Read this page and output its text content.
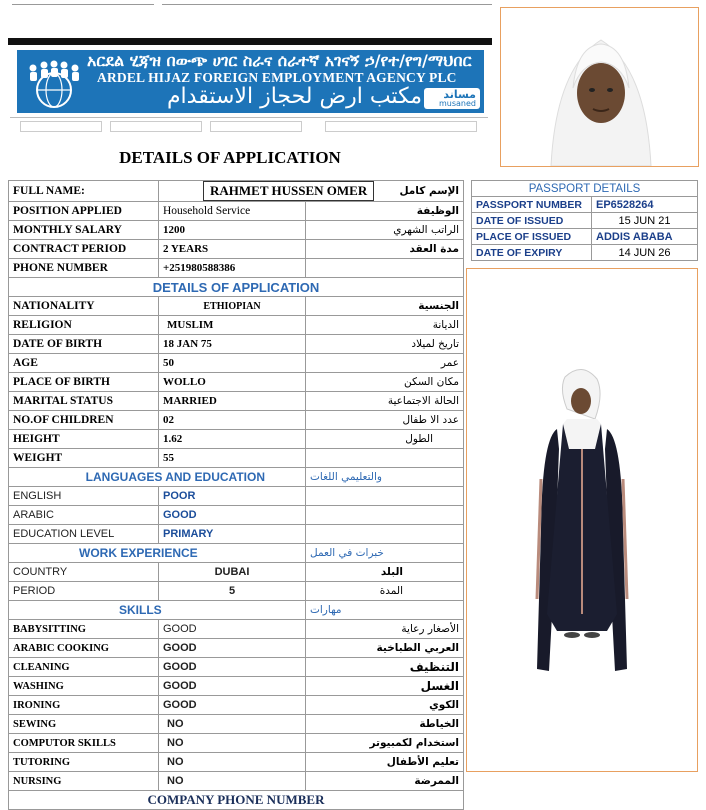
አርደል ሂጃዝ በውጭ ሀገር ስራና ሰራተኛ አገናኝ ኃ/የተ/የግ/ማህበር
ARDEL HIJAZ FOREIGN EMPLOYMENT AGENCY PLC
مكتب ارض لحجاز الاستقدام مساند
musaned
DETAILS OF APPLICATION
PASSPORT DETAILS	
PASSPORT NUMBER	EP6528264
DATE OF ISSUED	15 JUN 21
PLACE OF ISSUED	ADDIS ABABA
DATE OF EXPIRY	14 JUN 26
FULL NAME:	RAHMET HUSSEN OMER	الإسم كامل
POSITION APPLIED	Household Service	الوظيفة
MONTHLY SALARY	1200	الراتب الشهري
CONTRACT PERIOD	2 YEARS	مدة العقد
PHONE NUMBER	+251980588386	
DETAILS OF APPLICATION		
NATIONALITY	ETHIOPIAN	الجنسية
RELIGION	MUSLIM	الديانة
DATE OF BIRTH	18 JAN 75	تاريخ لميلاد
AGE	50	عمر
PLACE OF BIRTH	WOLLO	مكان السكن
MARITAL STATUS	MARRIED	الحالة الاجتماعية
NO.OF CHILDREN	02	عدد الا طفال
HEIGHT	1.62	الطول
WEIGHT	55	
LANGUAGES AND EDUCATION		والتعليمي اللغات
ENGLISH	POOR	
ARABIC	GOOD	
EDUCATION LEVEL	PRIMARY	
WORK EXPERIENCE		خبرات في العمل
COUNTRY	DUBAI	البلد
PERIOD	5	المدة
SKILLS		مهارات
BABYSITTING	GOOD	الأصغار رعاية
ARABIC COOKING	GOOD	العربي الطباخية
CLEANING	GOOD	التنظيف
WASHING	GOOD	الغسل
IRONING	GOOD	الكوي
SEWING	NO	الخياطة
COMPUTOR SKILLS	NO	استخدام لكمبيوتر
TUTORING	NO	تعليم الأطفال
NURSING	NO	الممرضة
COMPANY PHONE NUMBER		
